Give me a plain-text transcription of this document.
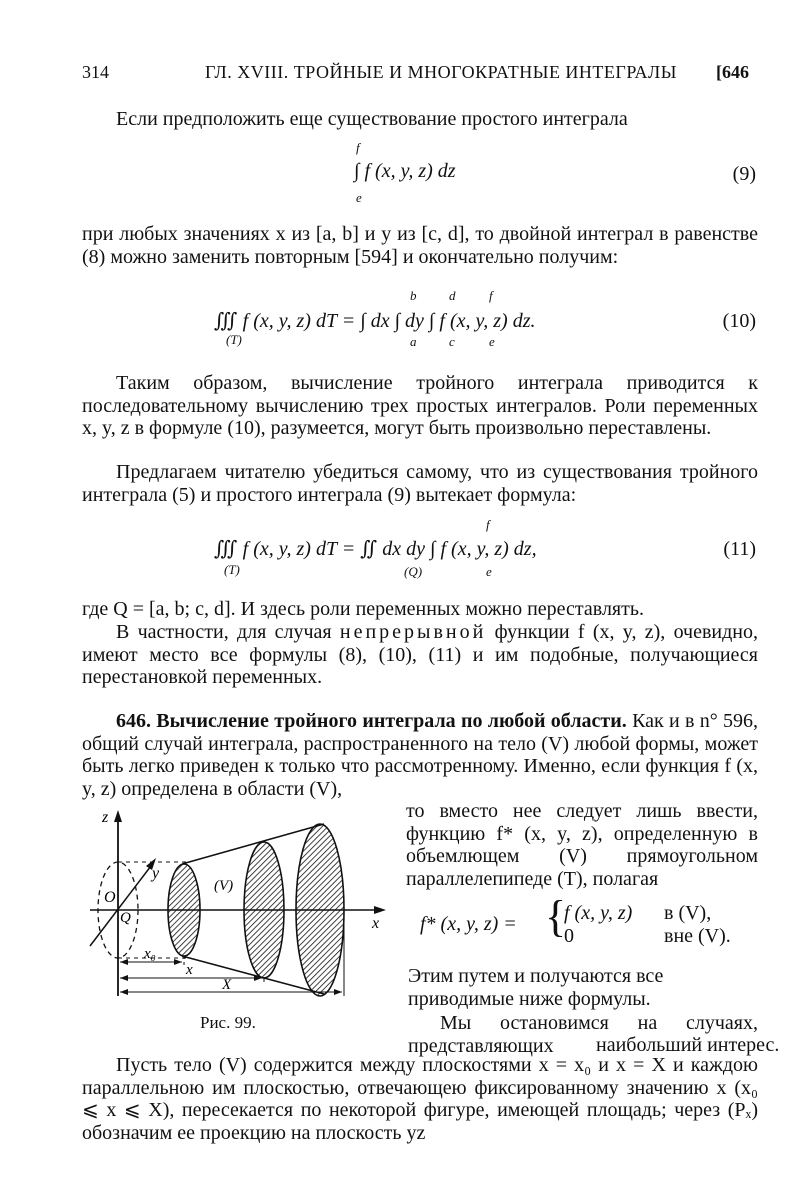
314	ГЛ. XVIII. ТРОЙНЫЕ И МНОГОКРАТНЫЕ ИНТЕГРАЛЫ [646
Если предположить еще существование простого интеграла
∫ f (x, y, z) dz
f
e
(9)
при любых значениях x из [a, b] и y из [c, d], то двойной интеграл в равенстве (8) можно заменить повторным [594] и окончательно получим:
∭ f (x, y, z) dT = ∫ dx ∫ dy ∫ f (x, y, z) dz.
(T)
b	d	f
a	c	e
(10)
Таким образом, вычисление тройного интеграла приводится к последовательному вычислению трех простых интегралов. Роли переменных x, y, z в формуле (10), разумеется, могут быть произвольно переставлены.
Предлагаем читателю убедиться самому, что из существования тройного интеграла (5) и простого интеграла (9) вытекает формула:
∭ f (x, y, z) dT = ∬ dx dy ∫ f (x, y, z) dz,
(T)	(Q)
f
e
(11)
где Q = [a, b; c, d]. И здесь роли переменных можно переставлять.
В частности, для случая непрерывной функции f (x, y, z), очевидно, имеют место все формулы (8), (10), (11) и им подобные, получающиеся перестановкой переменных.
646. Вычисление тройного интеграла по любой области. Как и в n° 596, общий случай интеграла, распространенного на тело (V) любой формы, может быть легко приведен к только что рассмотренному. Именно, если функция f (x, y, z) определена в области (V),
то вместо нее следует лишь ввести, функцию f* (x, y, z), определенную в объемлющем (V) прямоугольном параллелепипеде (T), полагая
f* (x, y, z) = {
f (x, y, z) в (V),
0	вне (V).
Этим путем и получаются все приводимые ниже формулы.
Мы остановимся на случаях, представляющих	наибольший интерес.
z
y
x
O
Q
(V)
x₀
x
X
Рис. 99.
Пусть тело (V) содержится между плоскостями x = x₀ и x = X и каждою параллельною им плоскостью, отвечающею фиксированному значению x (x₀ ⩽ x ⩽ X), пересекается по некоторой фигуре, имеющей площадь; через (Pₓ) обозначим ее проекцию на плоскость yz
